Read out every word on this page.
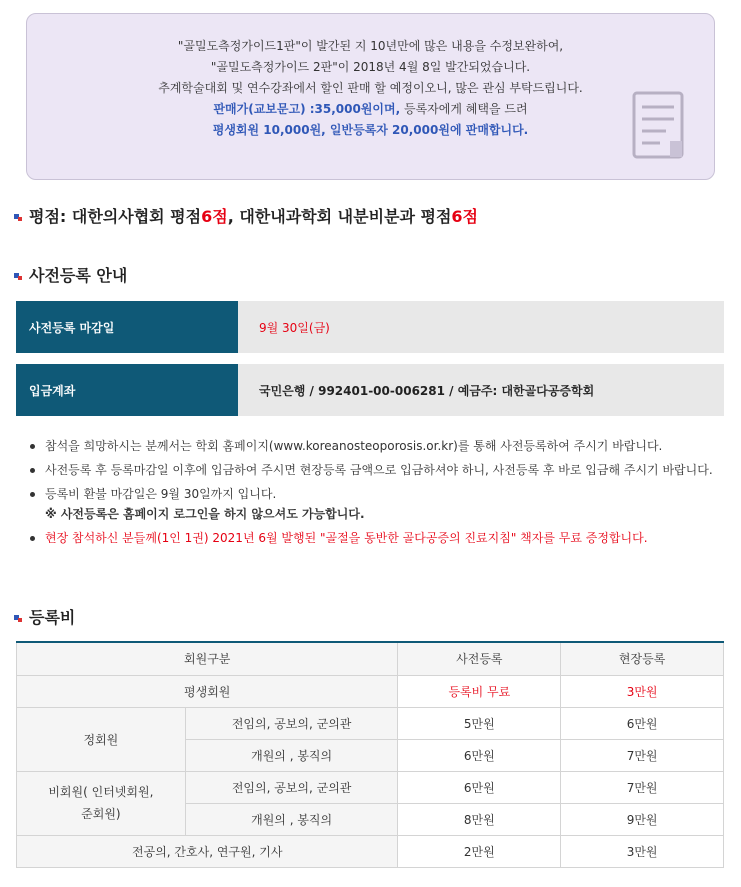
"골밀도측정가이드1판"이 발간된 지 10년만에 많은 내용을 수정보완하여,
"골밀도측정가이드 2판"이 2018년 4월 8일 발간되었습니다.
추계학술대회 및 연수강좌에서 할인 판매 할 예정이오니, 많은 관심 부탁드립니다.
판매가(교보문고) :35,000원이며, 등록자에게 혜택을 드려
평생회원 10,000원, 일반등록자 20,000원에 판매합니다.
평점: 대한의사협회 평점 6점 , 대한내과학회 내분비분과 평점 6점
사전등록 안내
사전등록 마감일	9월 30일(금)
입금계좌	국민은행 / 992401-00-006281 / 예금주: 대한골다공증학회
참석을 희망하시는 분께서는 학회 홈페이지(www.koreanosteoporosis.or.kr)를 통해 사전등록하여 주시기 바랍니다.
사전등록 후 등록마감일 이후에 입금하여 주시면 현장등록 금액으로 입금하셔야 하니, 사전등록 후 바로 입금해 주시기 바랍니다.
등록비 환불 마감일은 9월 30일까지 입니다.
※ 사전등록은 홈페이지 로그인을 하지 않으셔도 가능합니다.
현장 참석하신 분들께(1인 1권) 2021년 6월 발행된 "골절을 동반한 골다공증의 진료지침" 책자를 무료 증정합니다.
등록비
회원구분		사전등록	현장등록
평생회원		등록비 무료	3만원
정회원	전임의, 공보의, 군의관	5만원	6만원
	개원의 , 봉직의	6만원	7만원

비회원( 인터넷회원,
준회원)	전임의, 공보의, 군의관	6만원	7만원
	개원의 , 봉직의	8만원	9만원
전공의, 간호사, 연구원, 기사		2만원	3만원
